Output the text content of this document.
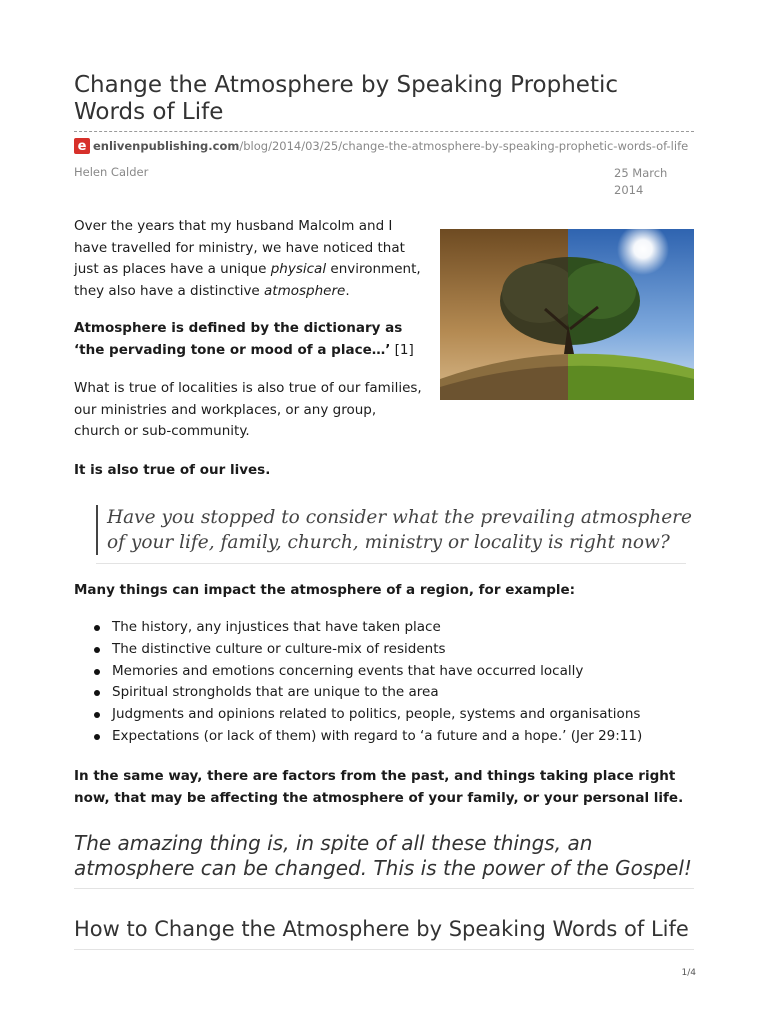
Change the Atmosphere by Speaking Prophetic Words of Life
e enlivenpublishing.com /blog/2014/03/25/change-the-atmosphere-by-speaking-prophetic-words-of-life
Helen Calder	25 March 2014

Over the years that my husband Malcolm and I have travelled for ministry, we have noticed that just as places have a unique physical environment, they also have a distinctive atmosphere.

Atmosphere is defined by the dictionary as ‘the pervading tone or mood of a place…’ [1]

What is true of localities is also true of our families, our ministries and workplaces, or any group, church or sub-community.

It is also true of our lives.

Have you stopped to consider what the prevailing atmosphere of your life, family, church, ministry or locality is right now?

Many things can impact the atmosphere of a region, for example:

The history, any injustices that have taken place
The distinctive culture or culture-mix of residents
Memories and emotions concerning events that have occurred locally
Spiritual strongholds that are unique to the area
Judgments and opinions related to politics, people, systems and organisations
Expectations (or lack of them) with regard to ‘a future and a hope.’ (Jer 29:11)

In the same way, there are factors from the past, and things taking place right now, that may be affecting the atmosphere of your family, or your personal life.

The amazing thing is, in spite of all these things, an atmosphere can be changed. This is the power of the Gospel!

How to Change the Atmosphere by Speaking Words of Life
1/4
